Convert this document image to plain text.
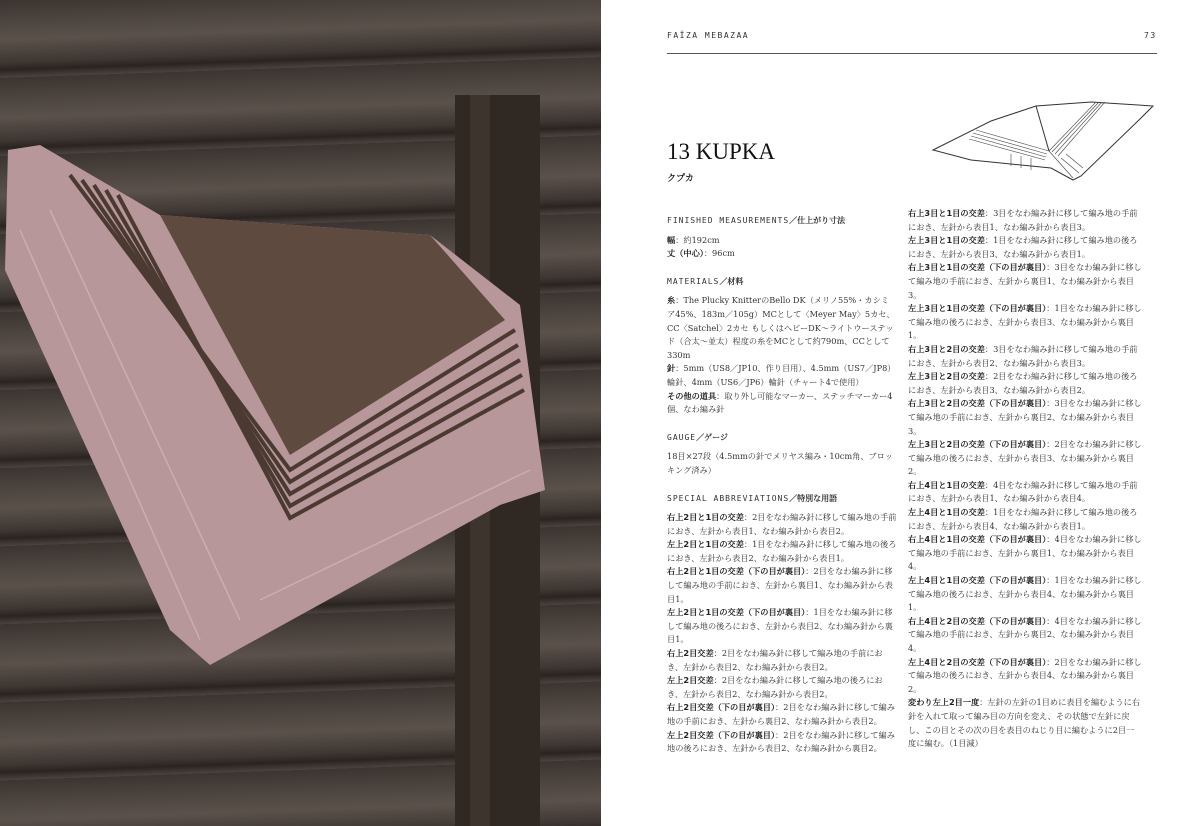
FAÏZA MEBAZAA	73
13 KUPKA
クプカ
FINISHED MEASUREMENTS／仕上がり寸法
幅：約192cm
丈（中心）：96cm
MATERIALS／材料
糸：The Plucky KnitterのBello DK（メリノ55%・カシミア45%、183m／105g）MCとして〈Meyer May〉5カセ、CC〈Satchel〉2カセ もしくはヘビーDK〜ライトウーステッド（合太〜並太）程度の糸をMCとして約790m、CCとして330m
針：5mm（US8／JP10、作り目用）、4.5mm（US7／JP8）輪針、4mm（US6／JP6）輪針（チャート4で使用）
その他の道具：取り外し可能なマーカー、ステッチマーカー4個、なわ編み針
GAUGE／ゲージ
18目×27段（4.5mmの針でメリヤス編み・10cm角、ブロッキング済み）
SPECIAL ABBREVIATIONS／特別な用語
右上2目と1目の交差：2目をなわ編み針に移して編み地の手前におき、左針から表目1、なわ編み針から表目2。
左上2目と1目の交差：1目をなわ編み針に移して編み地の後ろにおき、左針から表目2、なわ編み針から表目1。
右上2目と1目の交差（下の目が裏目）：2目をなわ編み針に移して編み地の手前におき、左針から裏目1、なわ編み針から表目1。
左上2目と1目の交差（下の目が裏目）：1目をなわ編み針に移して編み地の後ろにおき、左針から表目2、なわ編み針から裏目1。
右上2目交差：2目をなわ編み針に移して編み地の手前におき、左針から表目2、なわ編み針から表目2。
左上2目交差：2目をなわ編み針に移して編み地の後ろにおき、左針から表目2、なわ編み針から表目2。
右上2目交差（下の目が裏目）：2目をなわ編み針に移して編み地の手前におき、左針から裏目2、なわ編み針から表目2。
左上2目交差（下の目が裏目）：2目をなわ編み針に移して編み地の後ろにおき、左針から表目2、なわ編み針から裏目2。
右上3目と1目の交差：3目をなわ編み針に移して編み地の手前におき、左針から表目1、なわ編み針から表目3。
左上3目と1目の交差：1目をなわ編み針に移して編み地の後ろにおき、左針から表目3、なわ編み針から表目1。
右上3目と1目の交差（下の目が裏目）：3目をなわ編み針に移して編み地の手前におき、左針から裏目1、なわ編み針から表目3。
左上3目と1目の交差（下の目が裏目）：1目をなわ編み針に移して編み地の後ろにおき、左針から表目3、なわ編み針から裏目1。
右上3目と2目の交差：3目をなわ編み針に移して編み地の手前におき、左針から表目2、なわ編み針から表目3。
左上3目と2目の交差：2目をなわ編み針に移して編み地の後ろにおき、左針から表目3、なわ編み針から表目2。
右上3目と2目の交差（下の目が裏目）：3目をなわ編み針に移して編み地の手前におき、左針から裏目2、なわ編み針から表目3。
左上3目と2目の交差（下の目が裏目）：2目をなわ編み針に移して編み地の後ろにおき、左針から表目3、なわ編み針から裏目2。
右上4目と1目の交差：4目をなわ編み針に移して編み地の手前におき、左針から表目1、なわ編み針から表目4。
左上4目と1目の交差：1目をなわ編み針に移して編み地の後ろにおき、左針から表目4、なわ編み針から表目1。
右上4目と1目の交差（下の目が裏目）：4目をなわ編み針に移して編み地の手前におき、左針から裏目1、なわ編み針から表目4。
左上4目と1目の交差（下の目が裏目）：1目をなわ編み針に移して編み地の後ろにおき、左針から表目4、なわ編み針から裏目1。
右上4目と2目の交差（下の目が裏目）：4目をなわ編み針に移して編み地の手前におき、左針から裏目2、なわ編み針から表目4。
左上4目と2目の交差（下の目が裏目）：2目をなわ編み針に移して編み地の後ろにおき、左針から表目4、なわ編み針から裏目2。
変わり左上2目一度：左針の左針の1目めに表目を編むように右針を入れて取って編み目の方向を変え、その状態で左針に戻し、この目とその次の目を表目のねじり目に編むように2目一度に編む。（1目減）
